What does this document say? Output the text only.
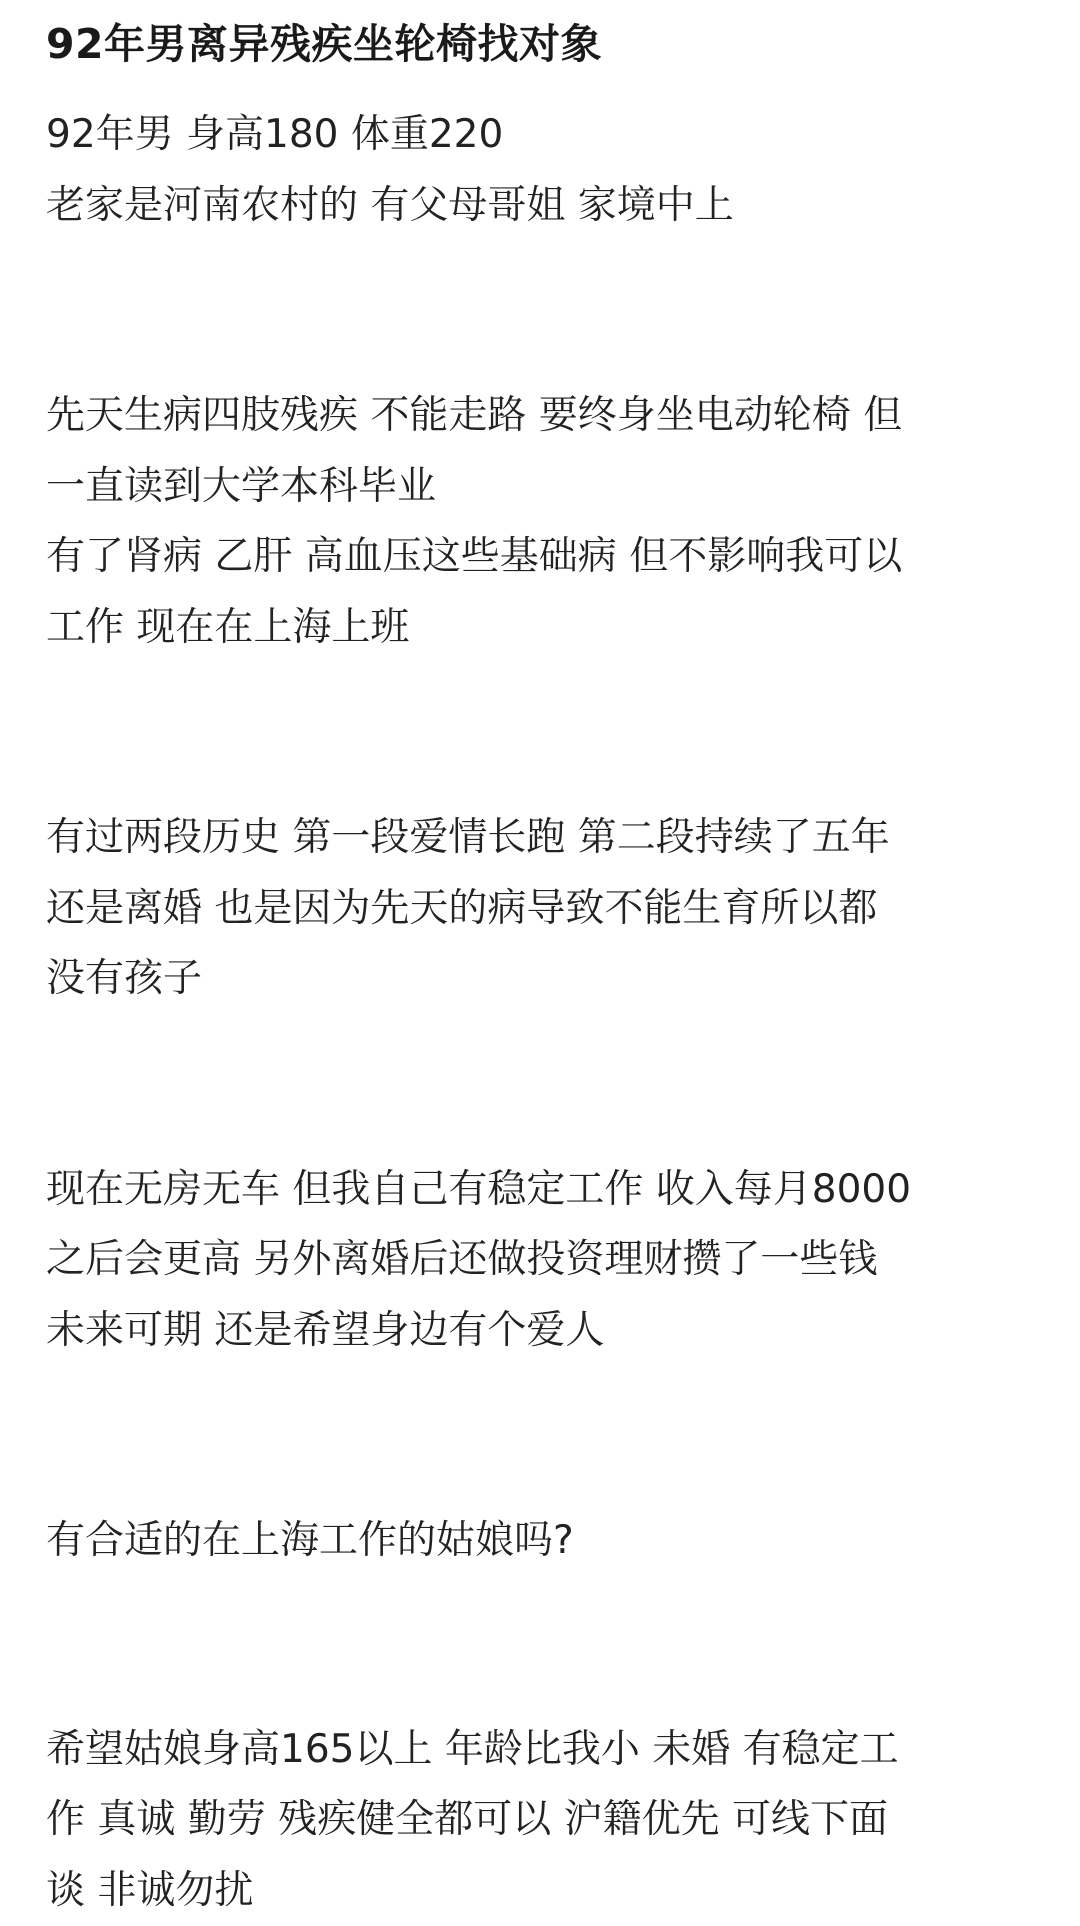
92年男离异残疾坐轮椅找对象
92年男 身高180 体重220
老家是河南农村的 有父母哥姐 家境中上
先天生病四肢残疾 不能走路 要终身坐电动轮椅 但
一直读到大学本科毕业
有了肾病 乙肝 高血压这些基础病 但不影响我可以
工作 现在在上海上班
有过两段历史 第一段爱情长跑 第二段持续了五年
还是离婚 也是因为先天的病导致不能生育所以都
没有孩子
现在无房无车 但我自己有稳定工作 收入每月8000
之后会更高 另外离婚后还做投资理财攒了一些钱
未来可期 还是希望身边有个爱人
有合适的在上海工作的姑娘吗?
希望姑娘身高165以上 年龄比我小 未婚 有稳定工
作 真诚 勤劳 残疾健全都可以 沪籍优先 可线下面
谈 非诚勿扰
